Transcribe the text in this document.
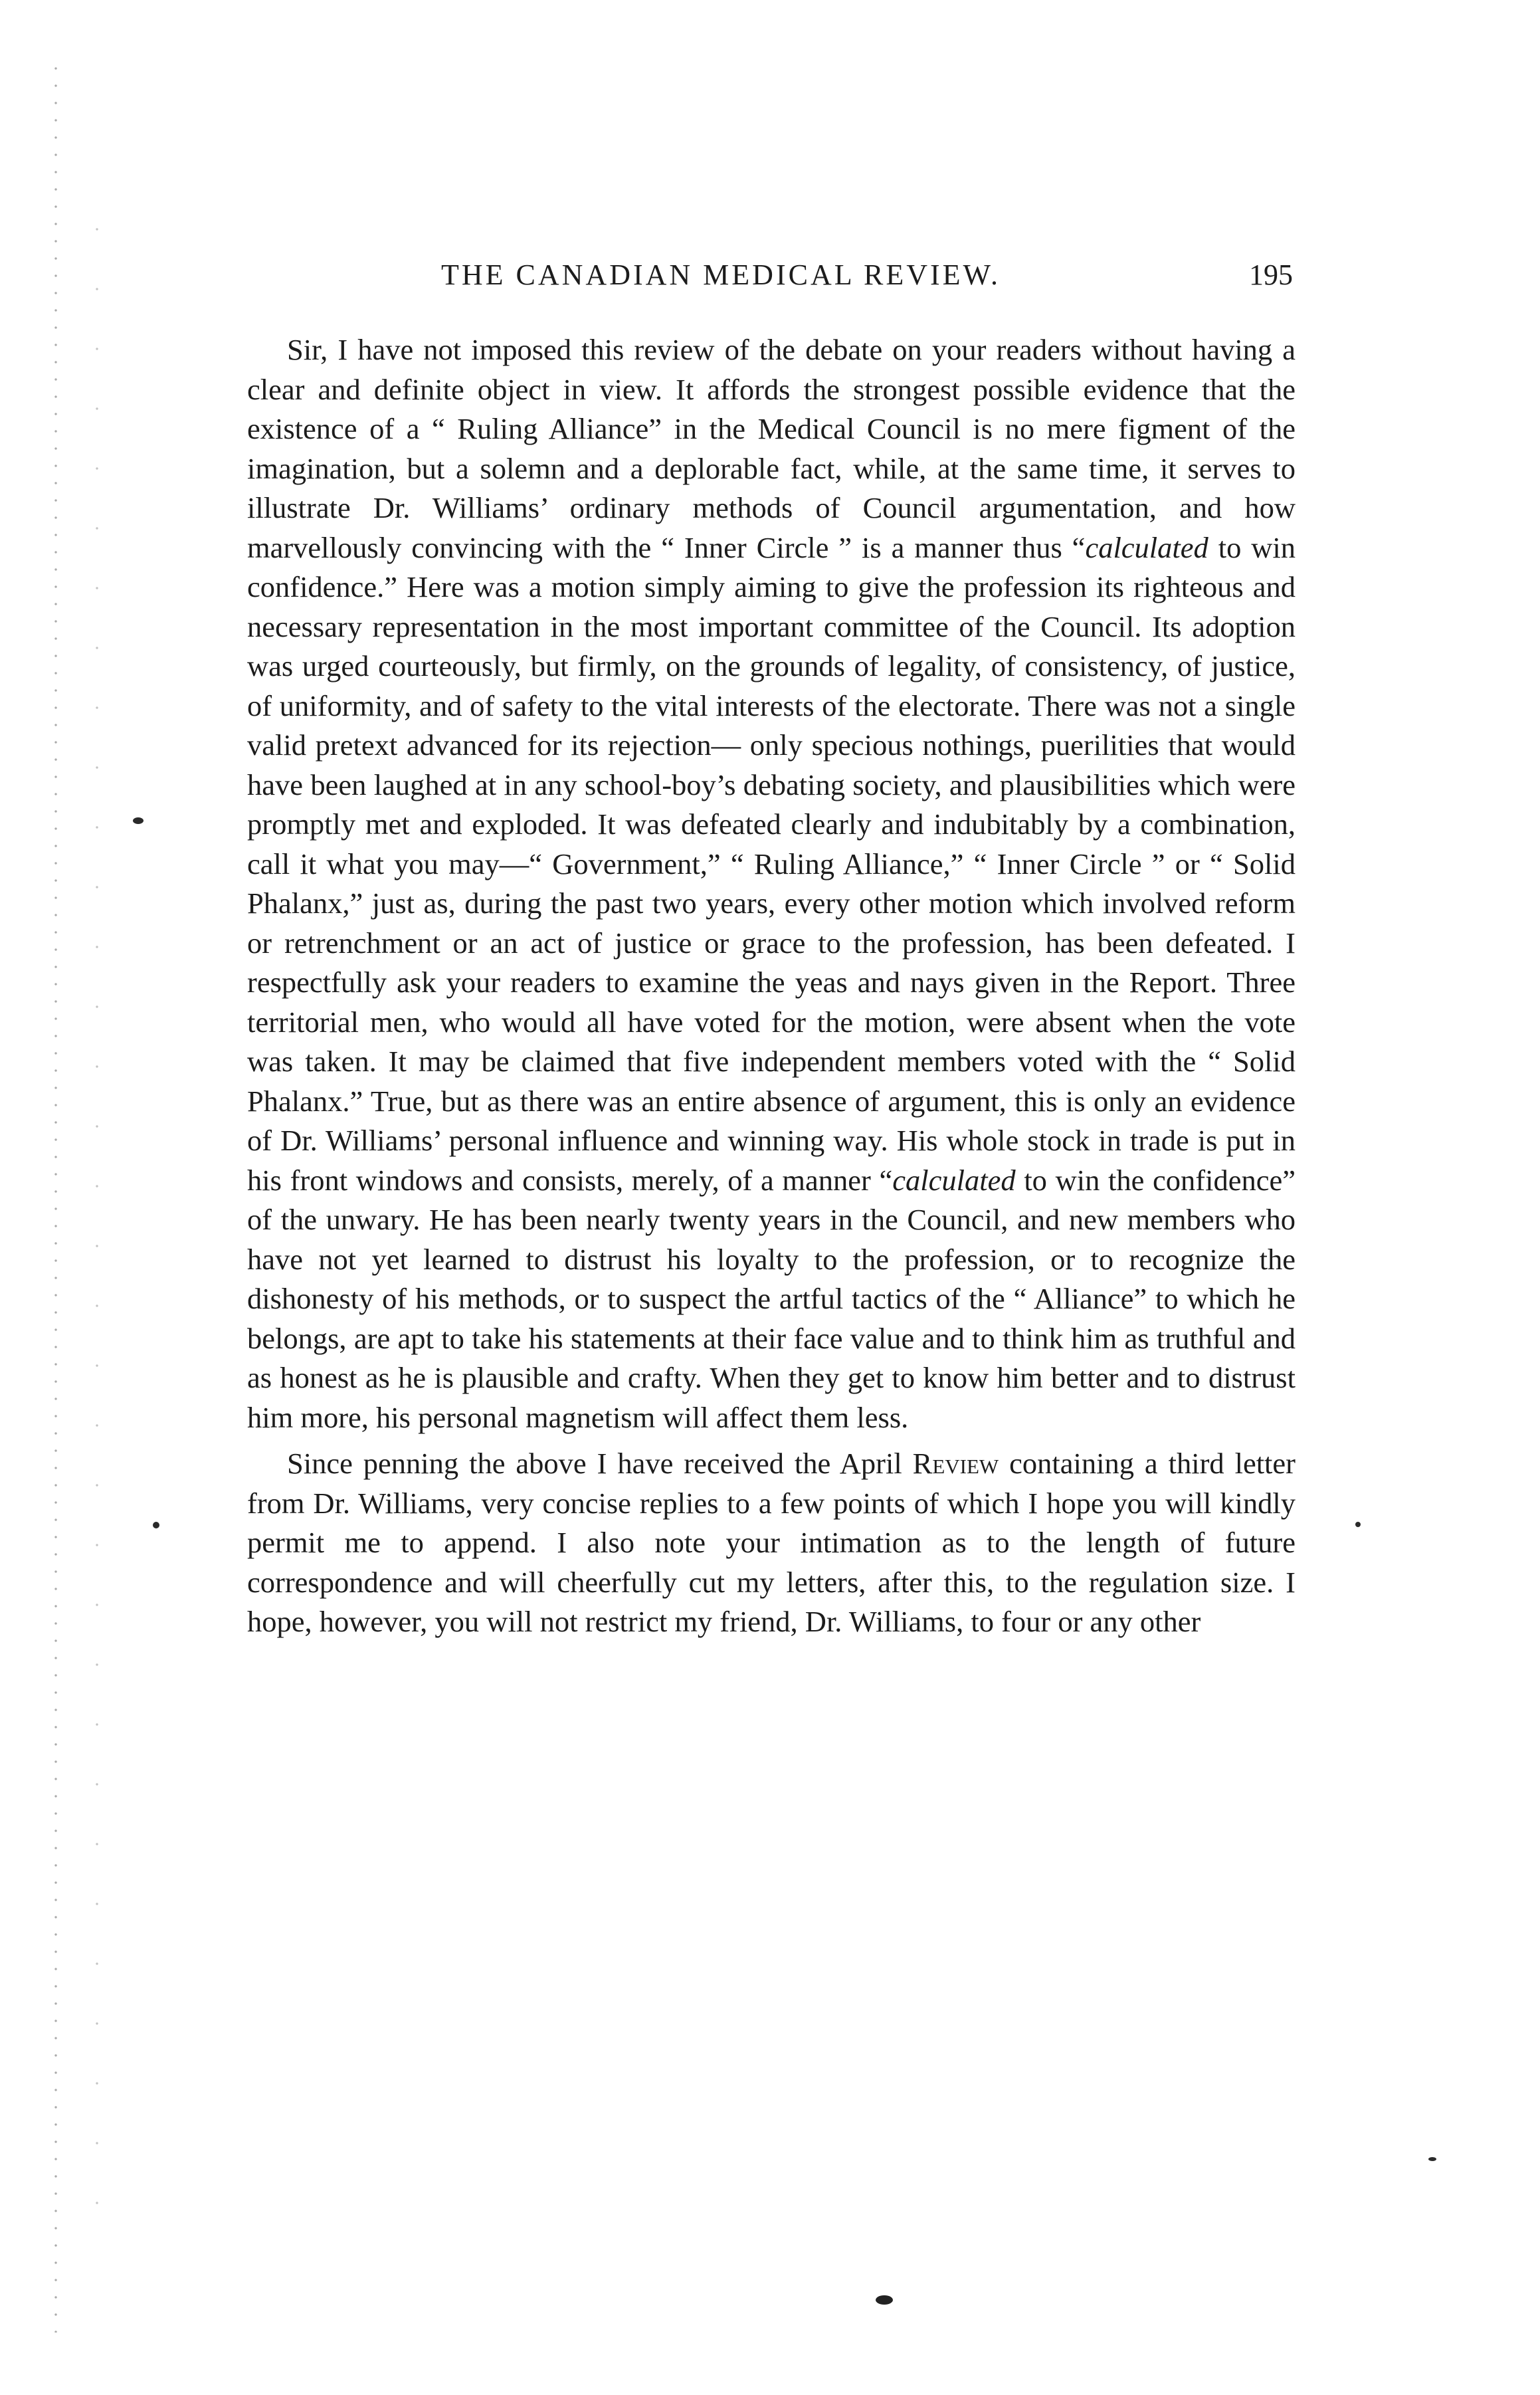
THE CANADIAN MEDICAL REVIEW.	195

Sir, I have not imposed this review of the debate on your readers without having a clear and definite object in view. It affords the strongest possible evidence that the existence of a “ Ruling Alliance” in the Medical Council is no mere figment of the imagination, but a solemn and a deplorable fact, while, at the same time, it serves to illustrate Dr. Williams’ ordinary methods of Council argumentation, and how marvellously convincing with the “ Inner Circle ” is a manner thus “calculated to win confidence.” Here was a motion simply aiming to give the profession its righteous and necessary representation in the most important committee of the Council. Its adoption was urged courteously, but firmly, on the grounds of legality, of consistency, of justice, of uniformity, and of safety to the vital interests of the electorate. There was not a single valid pretext advanced for its rejection— only specious nothings, puerilities that would have been laughed at in any school-boy’s debating society, and plausibilities which were promptly met and exploded. It was defeated clearly and indubitably by a combination, call it what you may—“ Government,” “ Ruling Alliance,” “ Inner Circle ” or “ Solid Phalanx,” just as, during the past two years, every other motion which involved reform or retrenchment or an act of justice or grace to the profession, has been defeated. I respectfully ask your readers to examine the yeas and nays given in the Report. Three territorial men, who would all have voted for the motion, were absent when the vote was taken. It may be claimed that five independent members voted with the “ Solid Phalanx.” True, but as there was an entire absence of argument, this is only an evidence of Dr. Williams’ personal influence and winning way. His whole stock in trade is put in his front windows and consists, merely, of a manner “calculated to win the confidence” of the unwary. He has been nearly twenty years in the Council, and new members who have not yet learned to distrust his loyalty to the profession, or to recognize the dishonesty of his methods, or to suspect the artful tactics of the “ Alliance” to which he belongs, are apt to take his statements at their face value and to think him as truthful and as honest as he is plausible and crafty. When they get to know him better and to distrust him more, his personal magnetism will affect them less.

Since penning the above I have received the April Review containing a third letter from Dr. Williams, very concise replies to a few points of which I hope you will kindly permit me to append. I also note your intimation as to the length of future correspondence and will cheerfully cut my letters, after this, to the regulation size. I hope, however, you will not restrict my friend, Dr. Williams, to four or any other
